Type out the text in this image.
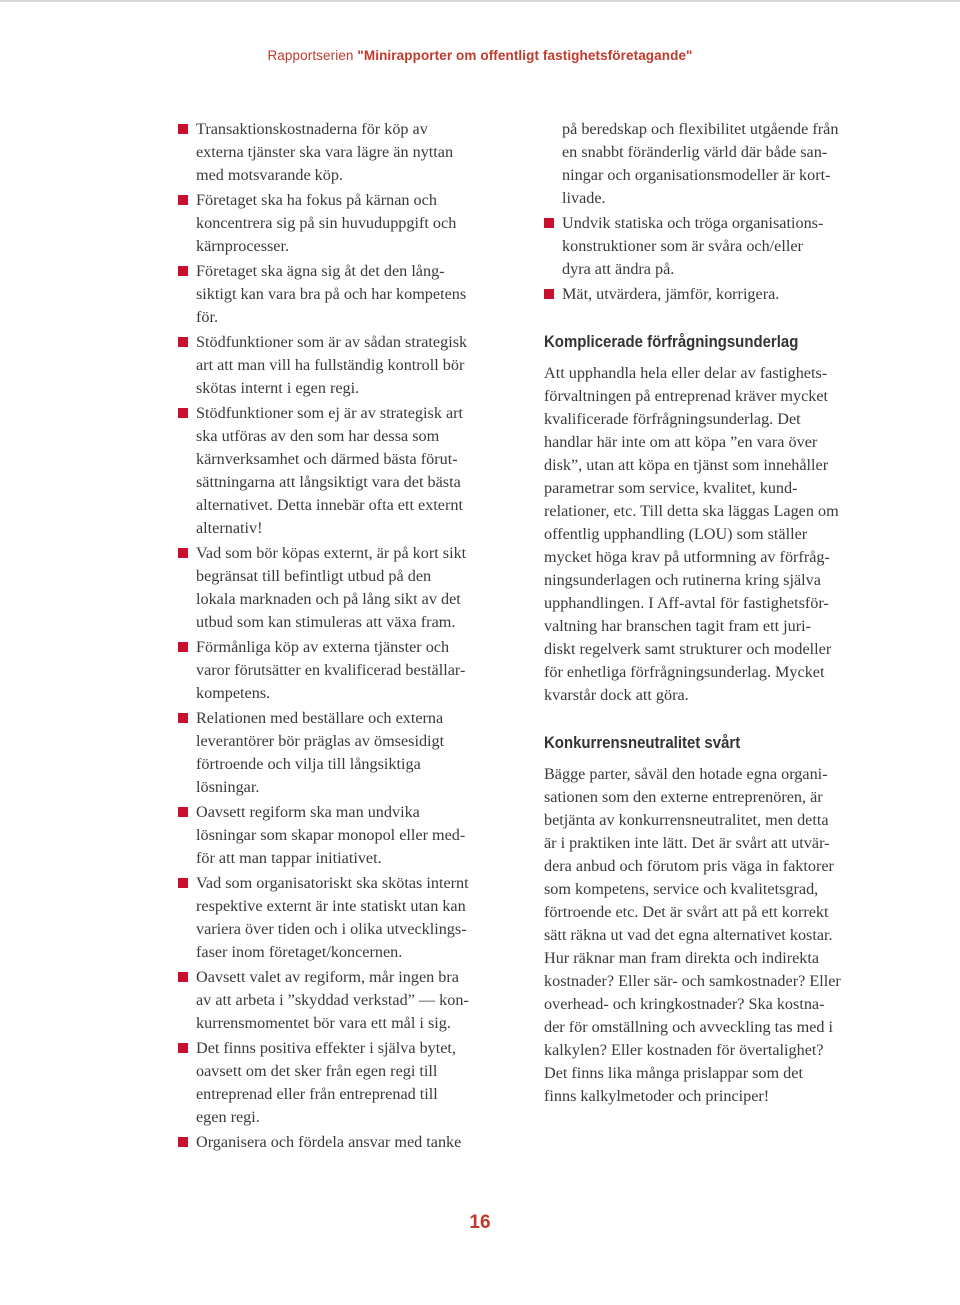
Rapportserien "Minirapporter om offentligt fastighetsföretagande"
Transaktionskostnaderna för köp av
externa tjänster ska vara lägre än nyttan
med motsvarande köp.
Företaget ska ha fokus på kärnan och
koncentrera sig på sin huvuduppgift och
kärnprocesser.
Företaget ska ägna sig åt det den lång-
siktigt kan vara bra på och har kompetens
för.
Stödfunktioner som är av sådan strategisk
art att man vill ha fullständig kontroll bör
skötas internt i egen regi.
Stödfunktioner som ej är av strategisk art
ska utföras av den som har dessa som
kärnverksamhet och därmed bästa förut-
sättningarna att långsiktigt vara det bästa
alternativet. Detta innebär ofta ett externt
alternativ!
Vad som bör köpas externt, är på kort sikt
begränsat till befintligt utbud på den
lokala marknaden och på lång sikt av det
utbud som kan stimuleras att växa fram.
Förmånliga köp av externa tjänster och
varor förutsätter en kvalificerad beställar-
kompetens.
Relationen med beställare och externa
leverantörer bör präglas av ömsesidigt
förtroende och vilja till långsiktiga
lösningar.
Oavsett regiform ska man undvika
lösningar som skapar monopol eller med-
för att man tappar initiativet.
Vad som organisatoriskt ska skötas internt
respektive externt är inte statiskt utan kan
variera över tiden och i olika utvecklings-
faser inom företaget/koncernen.
Oavsett valet av regiform, mår ingen bra
av att arbeta i ”skyddad verkstad” — kon-
kurrensmomentet bör vara ett mål i sig.
Det finns positiva effekter i själva bytet,
oavsett om det sker från egen regi till
entreprenad eller från entreprenad till
egen regi.
Organisera och fördela ansvar med tanke
på beredskap och flexibilitet utgående från
en snabbt föränderlig värld där både san-
ningar och organisationsmodeller är kort-
livade.
Undvik statiska och tröga organisations-
konstruktioner som är svåra och/eller
dyra att ändra på.
Mät, utvärdera, jämför, korrigera.
Komplicerade förfrågningsunderlag
Att upphandla hela eller delar av fastighets-
förvaltningen på entreprenad kräver mycket
kvalificerade förfrågningsunderlag. Det
handlar här inte om att köpa ”en vara över
disk”, utan att köpa en tjänst som innehåller
parametrar som service, kvalitet, kund-
relationer, etc. Till detta ska läggas Lagen om
offentlig upphandling (LOU) som ställer
mycket höga krav på utformning av förfråg-
ningsunderlagen och rutinerna kring själva
upphandlingen. I Aff-avtal för fastighetsför-
valtning har branschen tagit fram ett juri-
diskt regelverk samt strukturer och modeller
för enhetliga förfrågningsunderlag. Mycket
kvarstår dock att göra.
Konkurrensneutralitet svårt
Bägge parter, såväl den hotade egna organi-
sationen som den externe entreprenören, är
betjänta av konkurrensneutralitet, men detta
är i praktiken inte lätt. Det är svårt att utvär-
dera anbud och förutom pris väga in faktorer
som kompetens, service och kvalitetsgrad,
förtroende etc. Det är svårt att på ett korrekt
sätt räkna ut vad det egna alternativet kostar.
Hur räknar man fram direkta och indirekta
kostnader? Eller sär- och samkostnader? Eller
overhead- och kringkostnader? Ska kostna-
der för omställning och avveckling tas med i
kalkylen? Eller kostnaden för övertalighet?
Det finns lika många prislappar som det
finns kalkylmetoder och principer!
16
